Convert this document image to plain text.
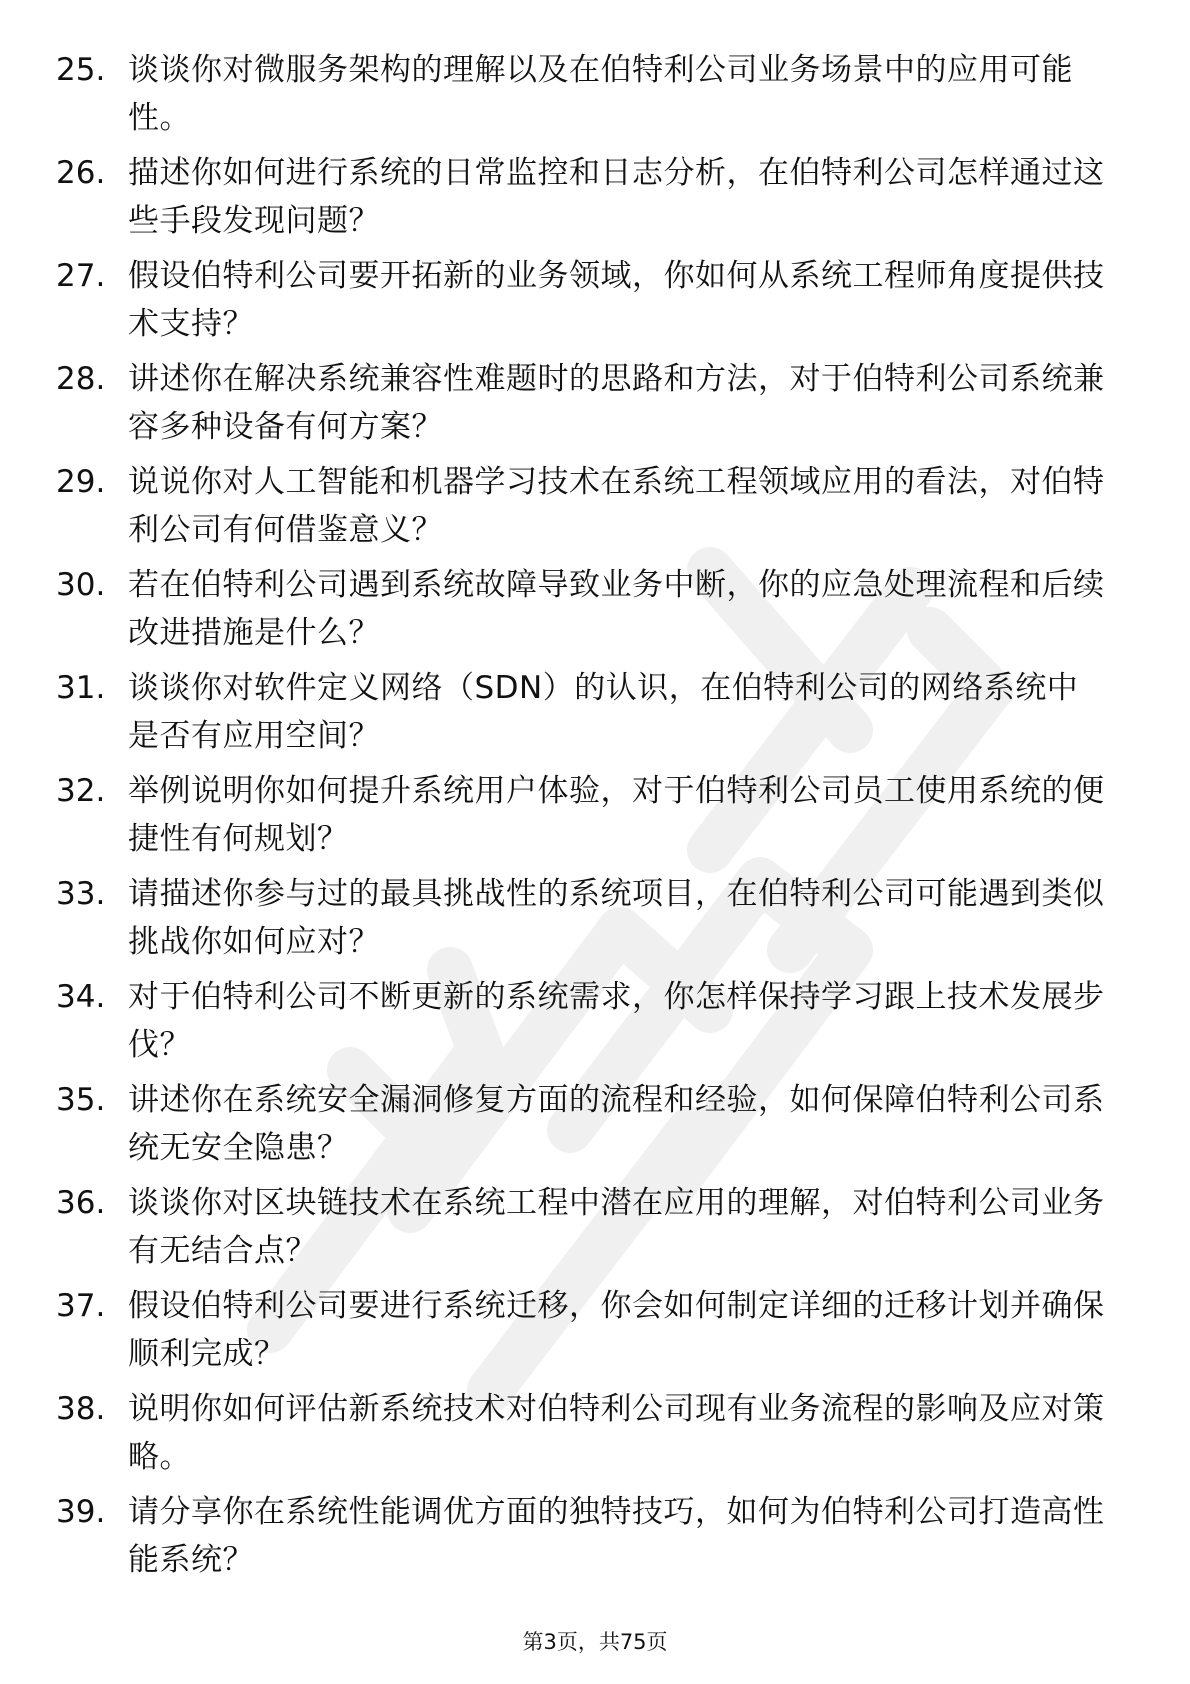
25. 谈谈你对微服务架构的理解以及在伯特利公司业务场景中的应用可能性。
26. 描述你如何进行系统的日常监控和日志分析，在伯特利公司怎样通过这些手段发现问题？
27. 假设伯特利公司要开拓新的业务领域，你如何从系统工程师角度提供技术支持？
28. 讲述你在解决系统兼容性难题时的思路和方法，对于伯特利公司系统兼容多种设备有何方案？
29. 说说你对人工智能和机器学习技术在系统工程领域应用的看法，对伯特利公司有何借鉴意义？
30. 若在伯特利公司遇到系统故障导致业务中断，你的应急处理流程和后续改进措施是什么？
31. 谈谈你对软件定义网络（SDN）的认识，在伯特利公司的网络系统中是否有应用空间？
32. 举例说明你如何提升系统用户体验，对于伯特利公司员工使用系统的便捷性有何规划？
33. 请描述你参与过的最具挑战性的系统项目，在伯特利公司可能遇到类似挑战你如何应对？
34. 对于伯特利公司不断更新的系统需求，你怎样保持学习跟上技术发展步伐？
35. 讲述你在系统安全漏洞修复方面的流程和经验，如何保障伯特利公司系统无安全隐患？
36. 谈谈你对区块链技术在系统工程中潜在应用的理解，对伯特利公司业务有无结合点？
37. 假设伯特利公司要进行系统迁移，你会如何制定详细的迁移计划并确保顺利完成？
38. 说明你如何评估新系统技术对伯特利公司现有业务流程的影响及应对策略。
39. 请分享你在系统性能调优方面的独特技巧，如何为伯特利公司打造高性能系统？
第3页，共75页
